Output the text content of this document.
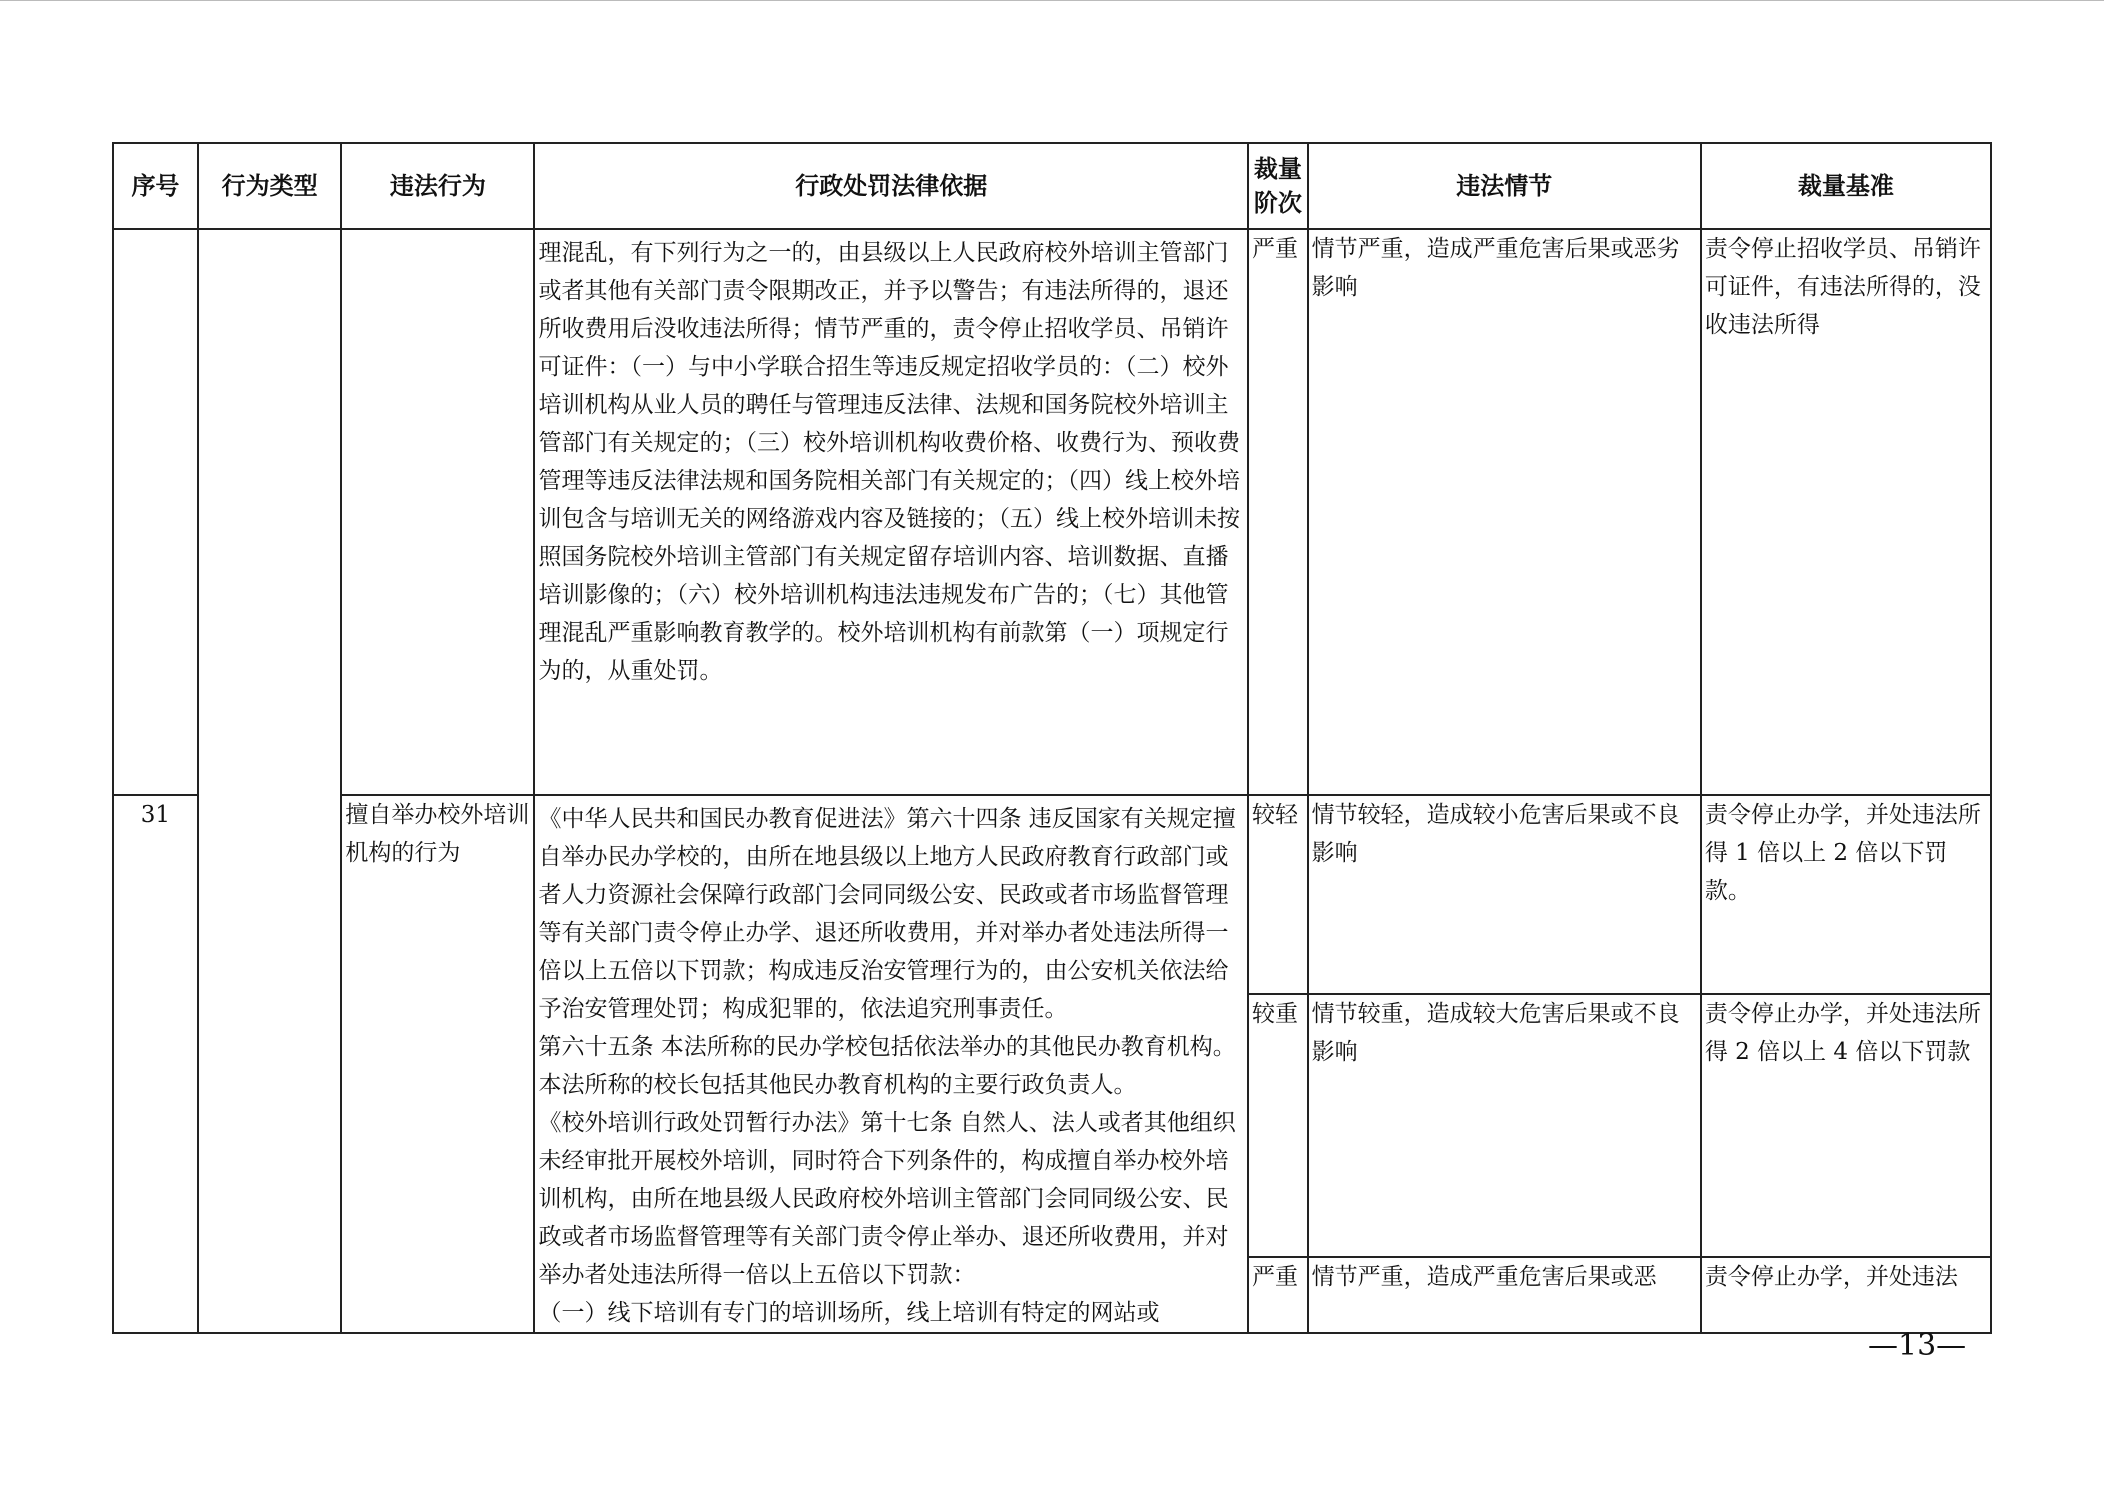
序号	行为类型	违法行为	行政处罚法律依据	裁量阶次	违法情节	裁量基准

			理混乱，有下列行为之一的，由县级以上人民政府校外培训主管部门或者其他有关部门责令限期改正，并予以警告；有违法所得的，退还所收费用后没收违法所得；情节严重的，责令停止招收学员、吊销许可证件：（一）与中小学联合招生等违反规定招收学员的：（二）校外培训机构从业人员的聘任与管理违反法律、法规和国务院校外培训主管部门有关规定的；（三）校外培训机构收费价格、收费行为、预收费管理等违反法律法规和国务院相关部门有关规定的；（四）线上校外培训包含与培训无关的网络游戏内容及链接的；（五）线上校外培训未按照国务院校外培训主管部门有关规定留存培训内容、培训数据、直播培训影像的；（六）校外培训机构违法违规发布广告的；（七）其他管理混乱严重影响教育教学的。校外培训机构有前款第（一）项规定行为的，从重处罚。	严重	情节严重，造成严重危害后果或恶劣影响	责令停止招收学员、吊销许可证件，有违法所得的，没收违法所得
31		擅自举办校外培训机构的行为	《中华人民共和国民办教育促进法》第六十四条 违反国家有关规定擅自举办民办学校的，由所在地县级以上地方人民政府教育行政部门或者人力资源社会保障行政部门会同同级公安、民政或者市场监督管理等有关部门责令停止办学、退还所收费用，并对举办者处违法所得一倍以上五倍以下罚款；构成违反治安管理行为的，由公安机关依法给予治安管理处罚；构成犯罪的，依法追究刑事责任。
第六十五条 本法所称的民办学校包括依法举办的其他民办教育机构。本法所称的校长包括其他民办教育机构的主要行政负责人。
《校外培训行政处罚暂行办法》第十七条 自然人、法人或者其他组织未经审批开展校外培训，同时符合下列条件的，构成擅自举办校外培训机构，由所在地县级人民政府校外培训主管部门会同同级公安、民政或者市场监督管理等有关部门责令停止举办、退还所收费用，并对举办者处违法所得一倍以上五倍以下罚款：
（一）线下培训有专门的培训场所，线上培训有特定的网站或	较轻	情节较轻，造成较小危害后果或不良影响	责令停止办学，并处违法所得 1 倍以上 2 倍以下罚款。
				较重	情节较重，造成较大危害后果或不良影响	责令停止办学，并处违法所得 2 倍以上 4 倍以下罚款
				严重	情节严重，造成严重危害后果或恶	责令停止办学，并处违法
—13—
